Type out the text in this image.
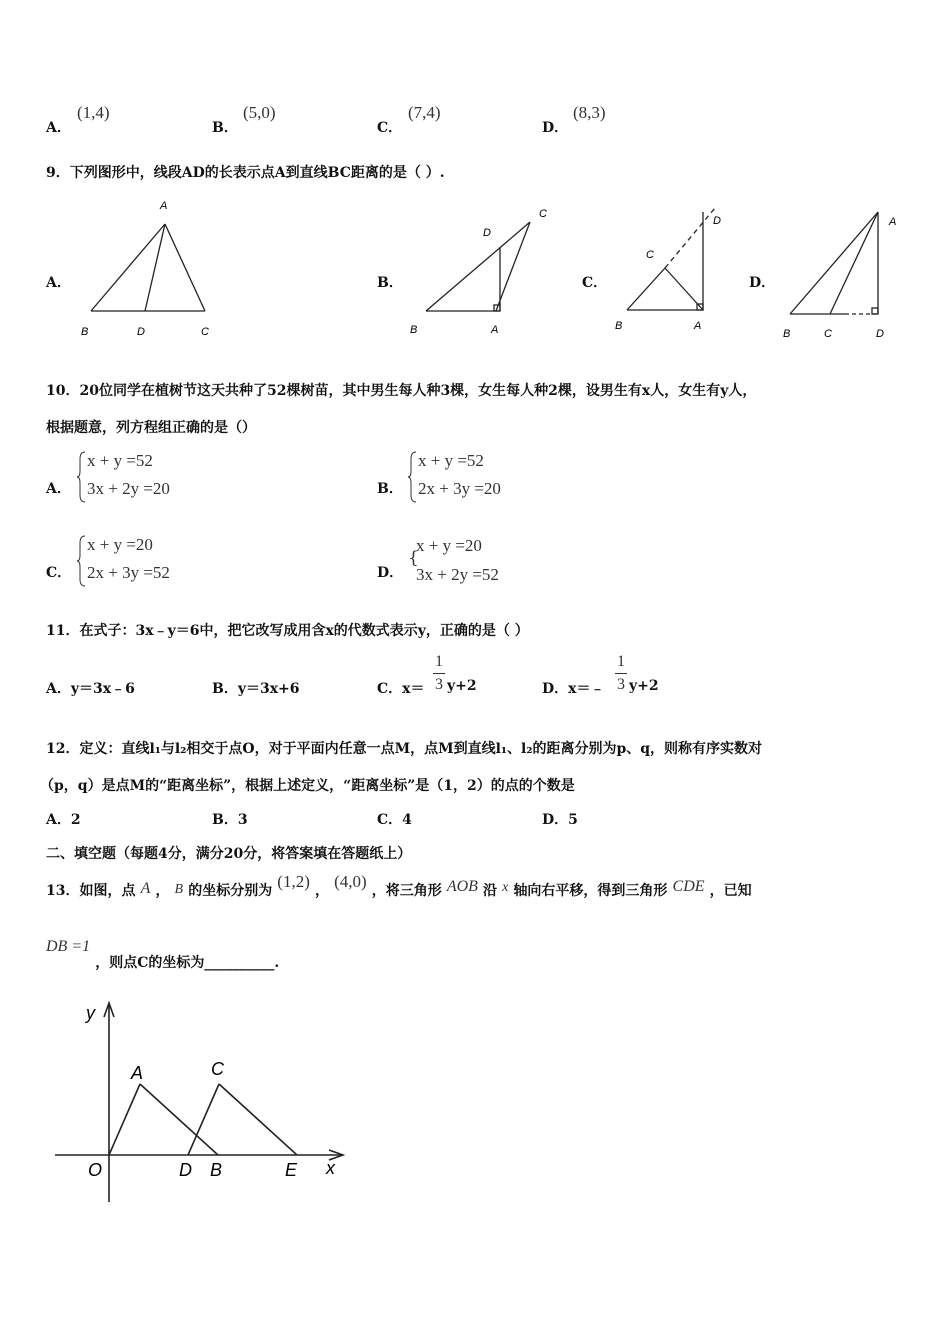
A．
(1,4)
B．
(5,0)
C．
(7,4)
D．
(8,3)
9．下列图形中，线段AD的长表示点A到直线BC距离的是（ ）.
A．
A
B	D	C
B．
C
D
B	A
C．
D
C
B	A
D．
A
B	C	D
10．20位同学在植树节这天共种了52棵树苗，其中男生每人种3棵，女生每人种2棵，设男生有x人，女生有y人，
根据题意，列方程组正确的是（）
A．
x + y =52
3x + 2y =20	B．
x + y =52
2x + 3y =20
C．
x + y =20
2x + 3y =52	D．
{
x + y =20
3x + 2y =52
11．在式子：3x﹣y＝6中，把它改写成用含x的代数式表示y，正确的是（ ）
A．y＝3x﹣6	B．y＝3x+6	C．x＝
1
3 y+2	D．x＝﹣
1
3 y+2
12．定义：直线l₁与l₂相交于点O，对于平面内任意一点M，点M到直线l₁、l₂的距离分别为p、q，则称有序实数对
（p，q）是点M的“距离坐标”，根据上述定义，“距离坐标”是（1，2）的点的个数是
A．2	B．3	C．4	D．5
二、填空题（每题4分，满分20分，将答案填在答题纸上）
13．如图，点 A ， B 的坐标分别为 (1,2) ， (4,0) ，将三角形 AOB 沿 x 轴向右平移，得到三角形 CDE ，已知
DB =1 ，则点C的坐标为__________.
y
x
O
A	C
D B	E
